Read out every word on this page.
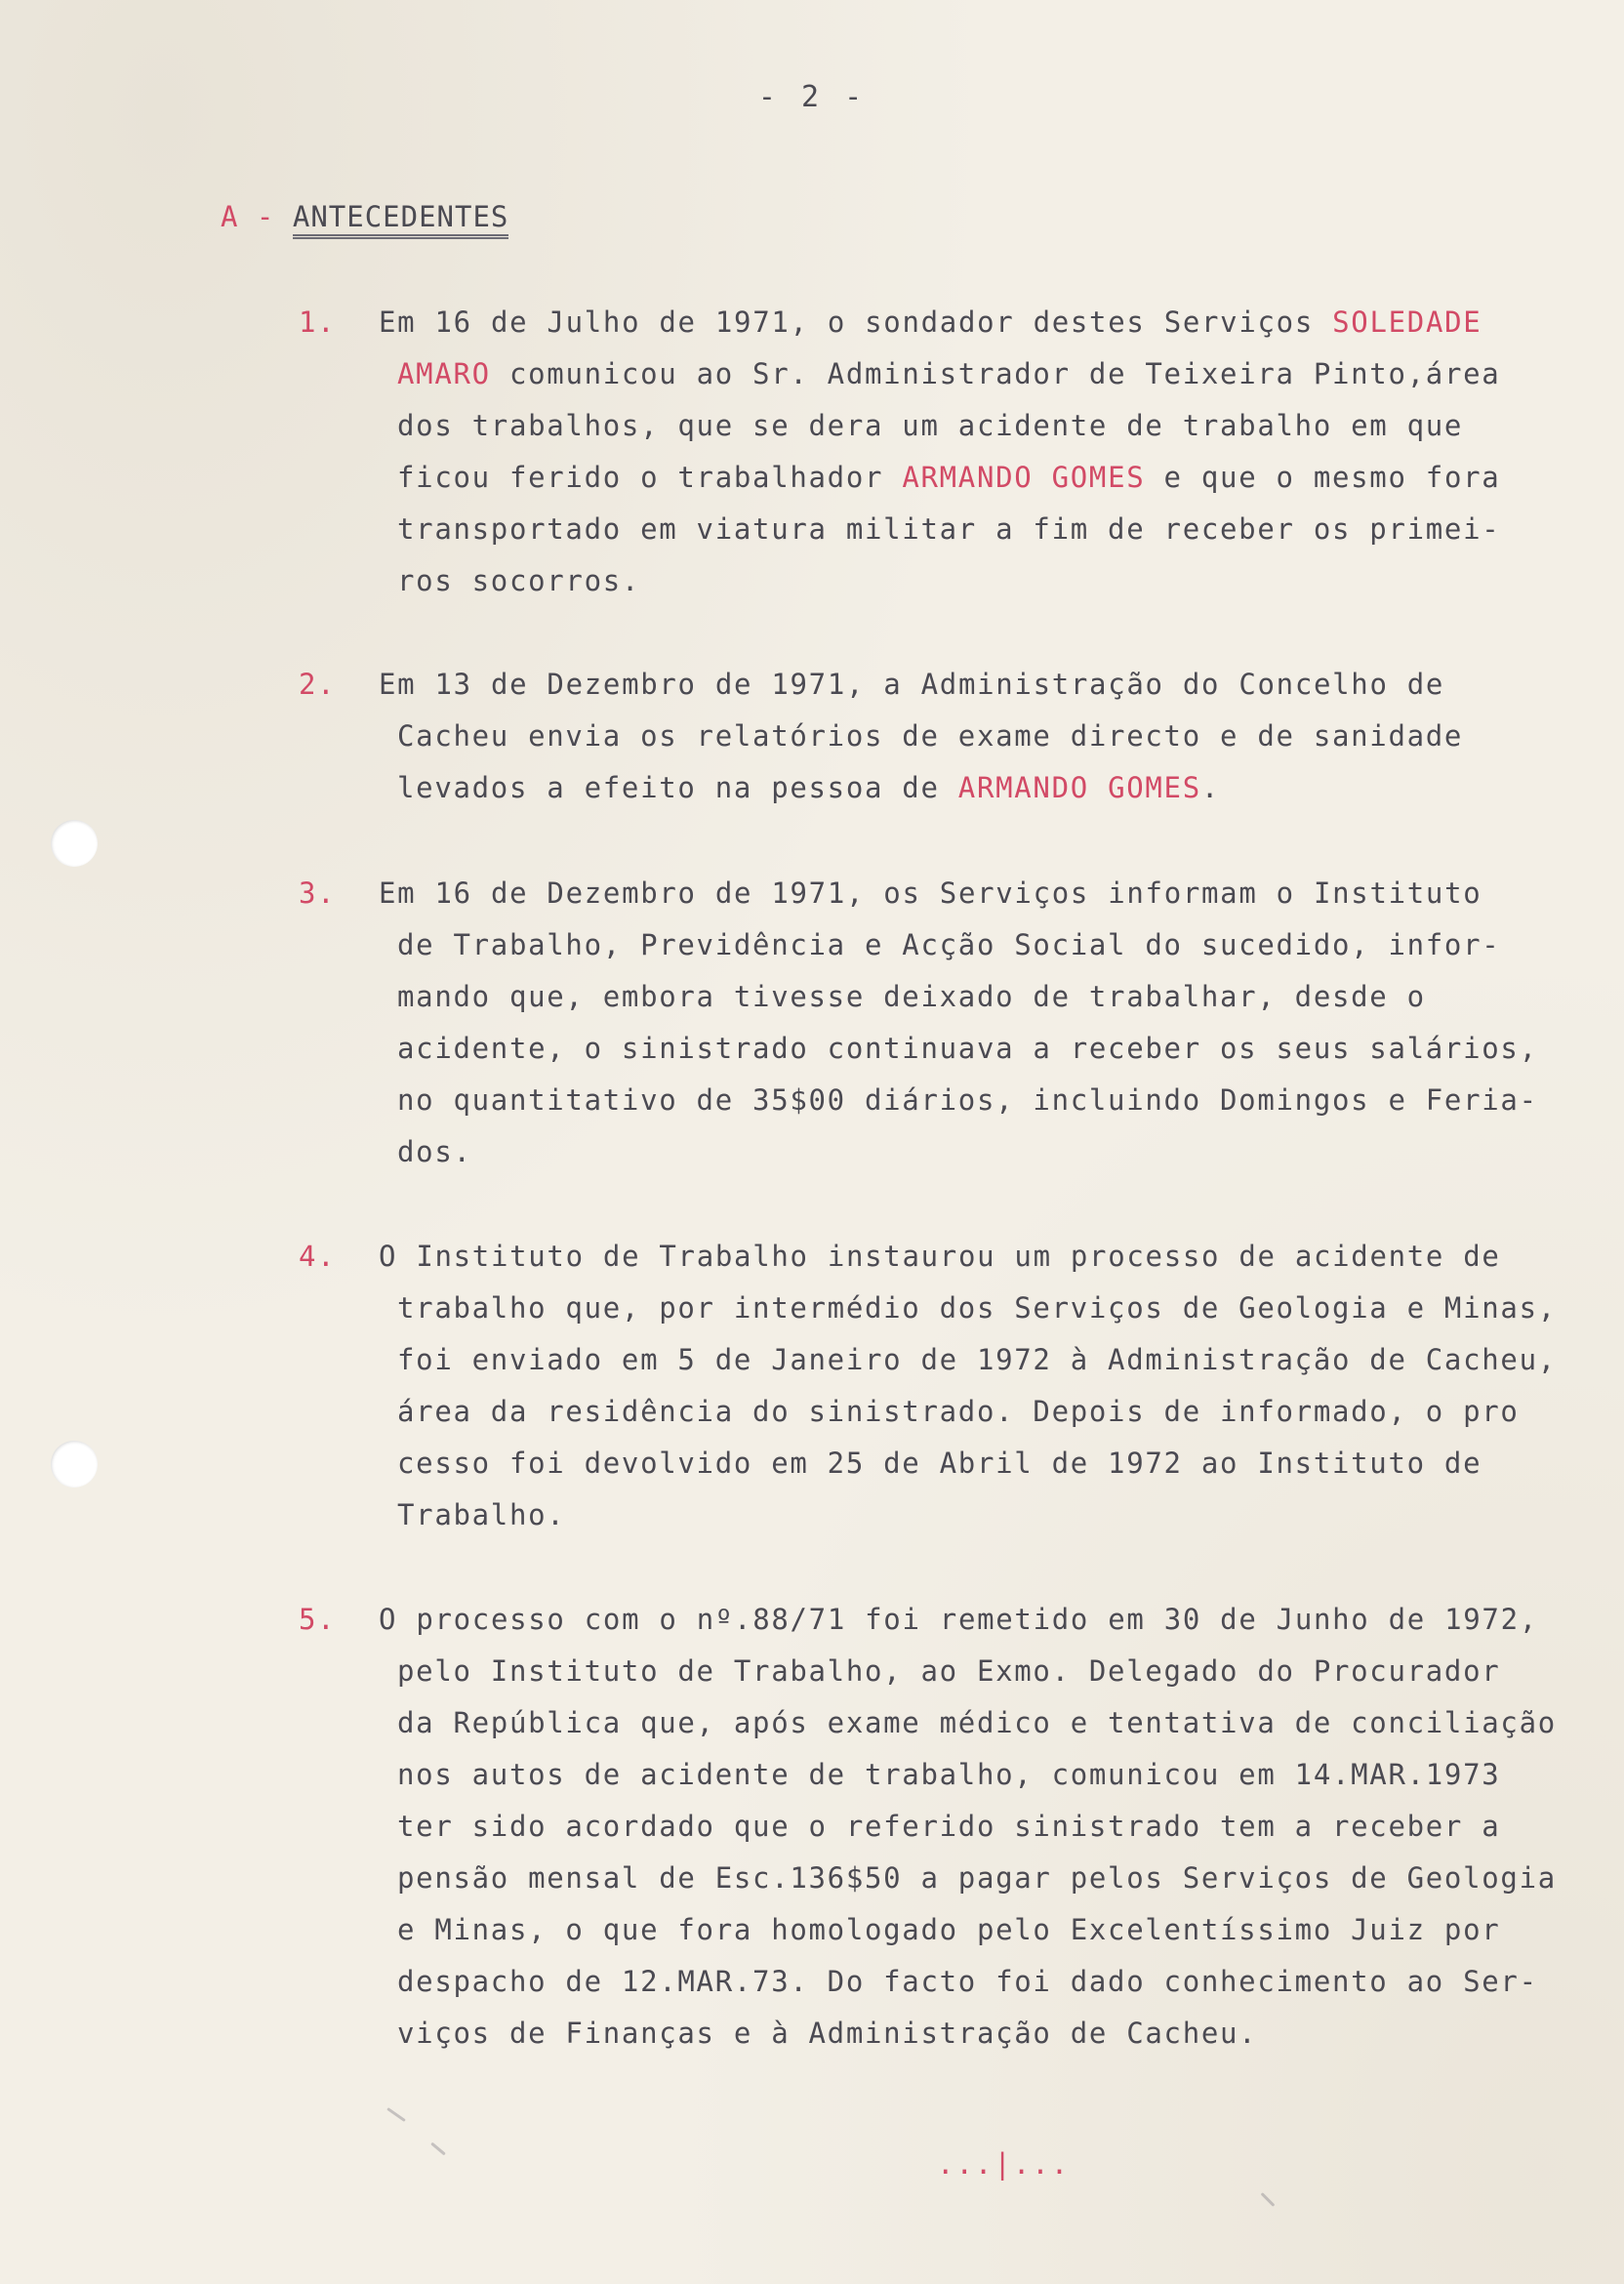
- 2 -
A - ANTECEDENTES
1.	Em 16 de Julho de 1971, o sondador destes Serviços SOLEDADE
AMARO comunicou ao Sr. Administrador de Teixeira Pinto,área
dos trabalhos, que se dera um acidente de trabalho em que
ficou ferido o trabalhador ARMANDO GOMES e que o mesmo fora
transportado em viatura militar a fim de receber os primei-
ros socorros.
2.	Em 13 de Dezembro de 1971, a Administração do Concelho de
Cacheu envia os relatórios de exame directo e de sanidade
levados a efeito na pessoa de ARMANDO GOMES.
3.	Em 16 de Dezembro de 1971, os Serviços informam o Instituto
de Trabalho, Previdência e Acção Social do sucedido, infor-
mando que, embora tivesse deixado de trabalhar, desde o
acidente, o sinistrado continuava a receber os seus salários,
no quantitativo de 35$00 diários, incluindo Domingos e Feria-
dos.
4.	O Instituto de Trabalho instaurou um processo de acidente de
trabalho que, por intermédio dos Serviços de Geologia e Minas,
foi enviado em 5 de Janeiro de 1972 à Administração de Cacheu,
área da residência do sinistrado. Depois de informado, o pro
cesso foi devolvido em 25 de Abril de 1972 ao Instituto de
Trabalho.
5.	O processo com o nº.88/71 foi remetido em 30 de Junho de 1972,
pelo Instituto de Trabalho, ao Exmo. Delegado do Procurador
da República que, após exame médico e tentativa de conciliação
nos autos de acidente de trabalho, comunicou em 14.MAR.1973
ter sido acordado que o referido sinistrado tem a receber a
pensão mensal de Esc.136$50 a pagar pelos Serviços de Geologia
e Minas, o que fora homologado pelo Excelentíssimo Juiz por
despacho de 12.MAR.73. Do facto foi dado conhecimento ao Ser-
viços de Finanças e à Administração de Cacheu.
...|...
